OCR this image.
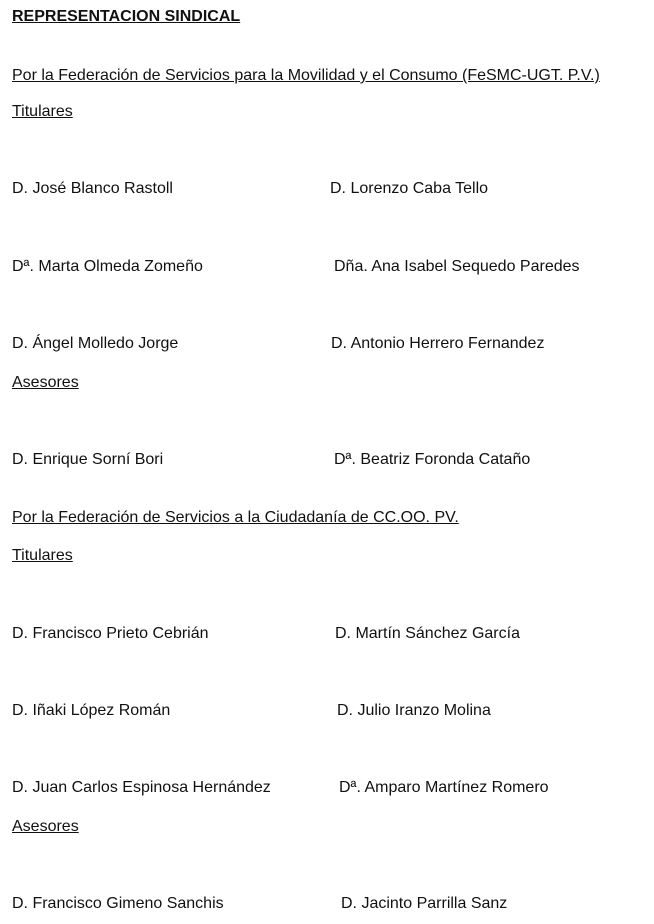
REPRESENTACION SINDICAL
Por la Federación de Servicios para la Movilidad y el Consumo (FeSMC-UGT. P.V.)
Titulares
D. José Blanco Rastoll	D. Lorenzo Caba Tello
Dª. Marta Olmeda Zomeño	Dña. Ana Isabel Sequedo Paredes
D. Ángel Molledo Jorge	D. Antonio Herrero Fernandez
Asesores
D. Enrique Sorní Bori	Dª. Beatriz Foronda Cataño
Por la Federación de Servicios a la Ciudadanía de CC.OO. PV.
Titulares
D. Francisco Prieto Cebrián	D. Martín Sánchez García
D. Iñaki López Román	D. Julio Iranzo Molina
D. Juan Carlos Espinosa Hernández	Dª. Amparo Martínez Romero
Asesores
D. Francisco Gimeno Sanchis	D. Jacinto Parrilla Sanz
